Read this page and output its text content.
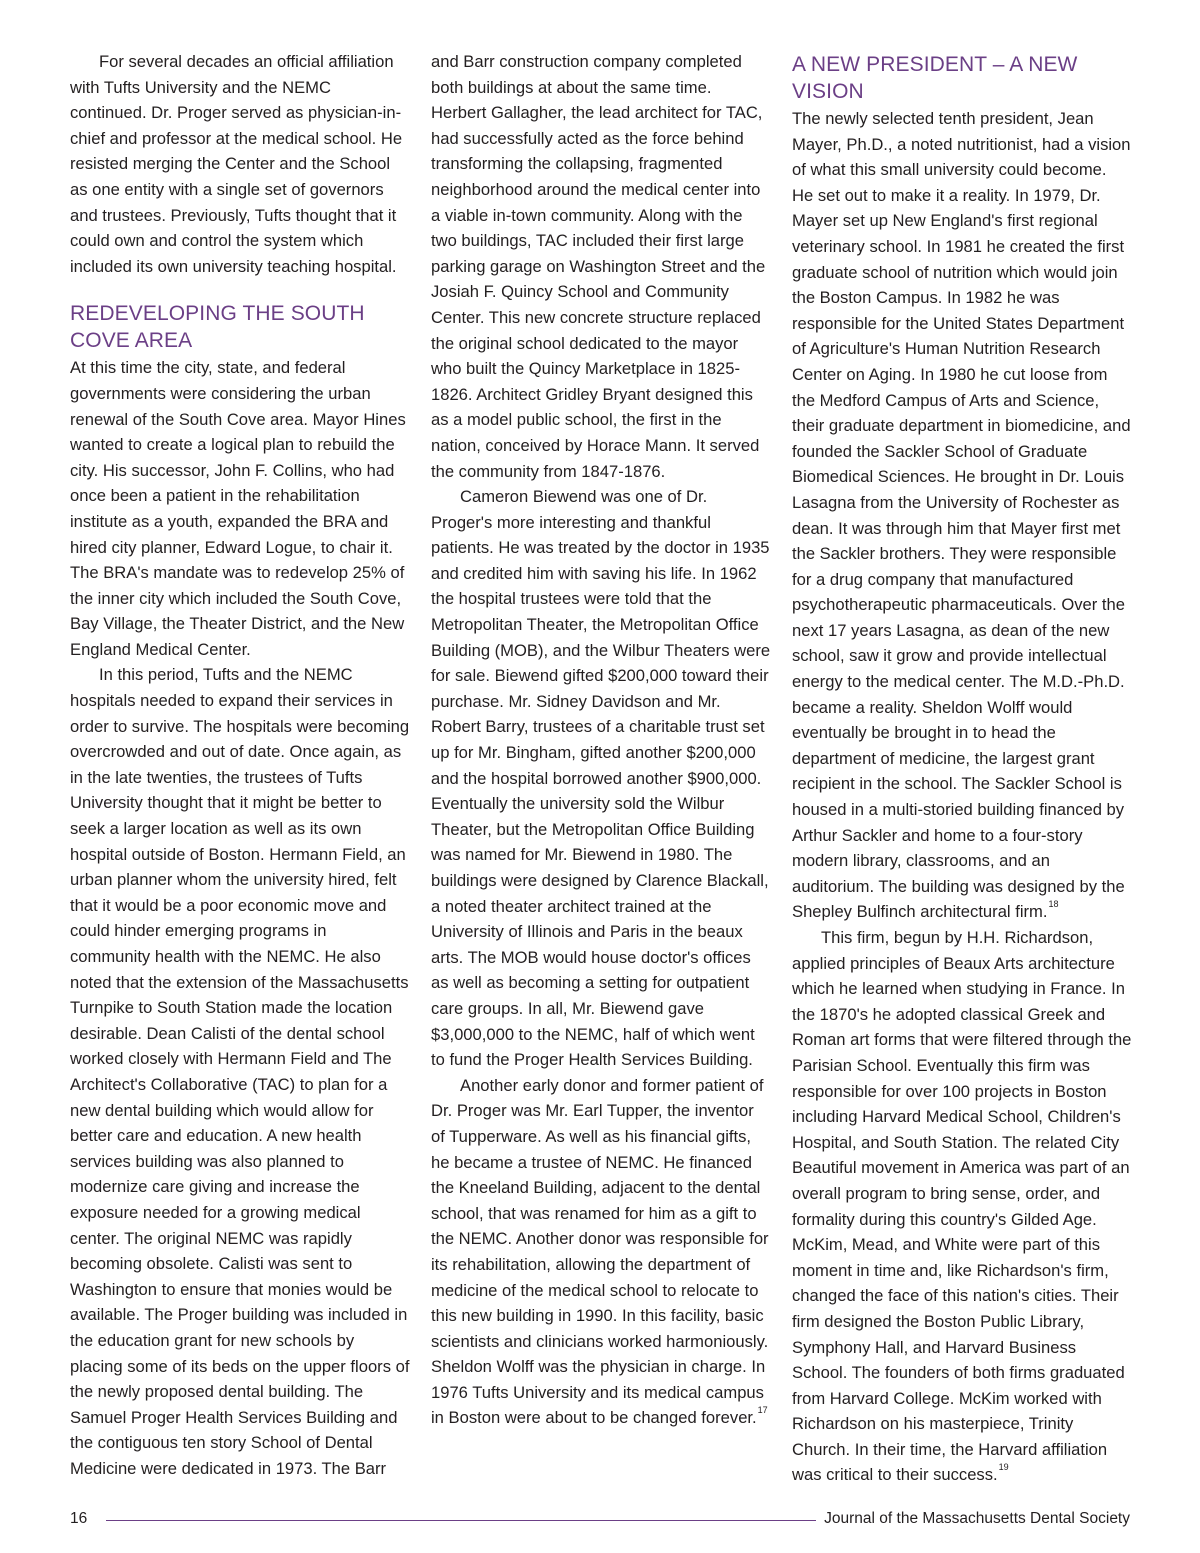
For several decades an official affiliation with Tufts University and the NEMC continued. Dr. Proger served as physician-in-chief and professor at the medical school. He resisted merging the Center and the School as one entity with a single set of governors and trustees. Previously, Tufts thought that it could own and control the system which included its own university teaching hospital.

REDEVELOPING THE SOUTH COVE AREA

At this time the city, state, and federal governments were considering the urban renewal of the South Cove area. Mayor Hines wanted to create a logical plan to rebuild the city. His successor, John F. Collins, who had once been a patient in the rehabilitation institute as a youth, expanded the BRA and hired city planner, Edward Logue, to chair it. The BRA's mandate was to redevelop 25% of the inner city which included the South Cove, Bay Village, the Theater District, and the New England Medical Center.

In this period, Tufts and the NEMC hospitals needed to expand their services in order to survive. The hospitals were becoming overcrowded and out of date. Once again, as in the late twenties, the trustees of Tufts University thought that it might be better to seek a larger location as well as its own hospital outside of Boston. Hermann Field, an urban planner whom the university hired, felt that it would be a poor economic move and could hinder emerging programs in community health with the NEMC. He also noted that the extension of the Massachusetts Turnpike to South Station made the location desirable. Dean Calisti of the dental school worked closely with Hermann Field and The Architect's Collaborative (TAC) to plan for a new dental building which would allow for better care and education. A new health services building was also planned to modernize care giving and increase the exposure needed for a growing medical center. The original NEMC was rapidly becoming obsolete. Calisti was sent to Washington to ensure that monies would be available. The Proger building was included in the education grant for new schools by placing some of its beds on the upper floors of the newly proposed dental building. The Samuel Proger Health Services Building and the contiguous ten story School of Dental Medicine were dedicated in 1973. The Barr

and Barr construction company completed both buildings at about the same time. Herbert Gallagher, the lead architect for TAC, had successfully acted as the force behind transforming the collapsing, fragmented neighborhood around the medical center into a viable in-town community. Along with the two buildings, TAC included their first large parking garage on Washington Street and the Josiah F. Quincy School and Community Center. This new concrete structure replaced the original school dedicated to the mayor who built the Quincy Marketplace in 1825-1826. Architect Gridley Bryant designed this as a model public school, the first in the nation, conceived by Horace Mann. It served the community from 1847-1876.

Cameron Biewend was one of Dr. Proger's more interesting and thankful patients. He was treated by the doctor in 1935 and credited him with saving his life. In 1962 the hospital trustees were told that the Metropolitan Theater, the Metropolitan Office Building (MOB), and the Wilbur Theaters were for sale. Biewend gifted $200,000 toward their purchase. Mr. Sidney Davidson and Mr. Robert Barry, trustees of a charitable trust set up for Mr. Bingham, gifted another $200,000 and the hospital borrowed another $900,000. Eventually the university sold the Wilbur Theater, but the Metropolitan Office Building was named for Mr. Biewend in 1980. The buildings were designed by Clarence Blackall, a noted theater architect trained at the University of Illinois and Paris in the beaux arts. The MOB would house doctor's offices as well as becoming a setting for outpatient care groups. In all, Mr. Biewend gave $3,000,000 to the NEMC, half of which went to fund the Proger Health Services Building.

Another early donor and former patient of Dr. Proger was Mr. Earl Tupper, the inventor of Tupperware. As well as his financial gifts, he became a trustee of NEMC. He financed the Kneeland Building, adjacent to the dental school, that was renamed for him as a gift to the NEMC. Another donor was responsible for its rehabilitation, allowing the department of medicine of the medical school to relocate to this new building in 1990. In this facility, basic scientists and clinicians worked harmoniously. Sheldon Wolff was the physician in charge. In 1976 Tufts University and its medical campus in Boston were about to be changed forever.$^{17}$

A NEW PRESIDENT – A NEW VISION

The newly selected tenth president, Jean Mayer, Ph.D., a noted nutritionist, had a vision of what this small university could become. He set out to make it a reality. In 1979, Dr. Mayer set up New England's first regional veterinary school. In 1981 he created the first graduate school of nutrition which would join the Boston Campus. In 1982 he was responsible for the United States Department of Agriculture's Human Nutrition Research Center on Aging. In 1980 he cut loose from the Medford Campus of Arts and Science, their graduate department in biomedicine, and founded the Sackler School of Graduate Biomedical Sciences. He brought in Dr. Louis Lasagna from the University of Rochester as dean. It was through him that Mayer first met the Sackler brothers. They were responsible for a drug company that manufactured psychotherapeutic pharmaceuticals. Over the next 17 years Lasagna, as dean of the new school, saw it grow and provide intellectual energy to the medical center. The M.D.-Ph.D. became a reality. Sheldon Wolff would eventually be brought in to head the department of medicine, the largest grant recipient in the school. The Sackler School is housed in a multi-storied building financed by Arthur Sackler and home to a four-story modern library, classrooms, and an auditorium. The building was designed by the Shepley Bulfinch architectural firm.$^{18}$

This firm, begun by H.H. Richardson, applied principles of Beaux Arts architecture which he learned when studying in France. In the 1870's he adopted classical Greek and Roman art forms that were filtered through the Parisian School. Eventually this firm was responsible for over 100 projects in Boston including Harvard Medical School, Children's Hospital, and South Station. The related City Beautiful movement in America was part of an overall program to bring sense, order, and formality during this country's Gilded Age. McKim, Mead, and White were part of this moment in time and, like Richardson's firm, changed the face of this nation's cities. Their firm designed the Boston Public Library, Symphony Hall, and Harvard Business School. The founders of both firms graduated from Harvard College. McKim worked with Richardson on his masterpiece, Trinity Church. In their time, the Harvard affiliation was critical to their success.$^{19}$

16	Journal of the Massachusetts Dental Society
